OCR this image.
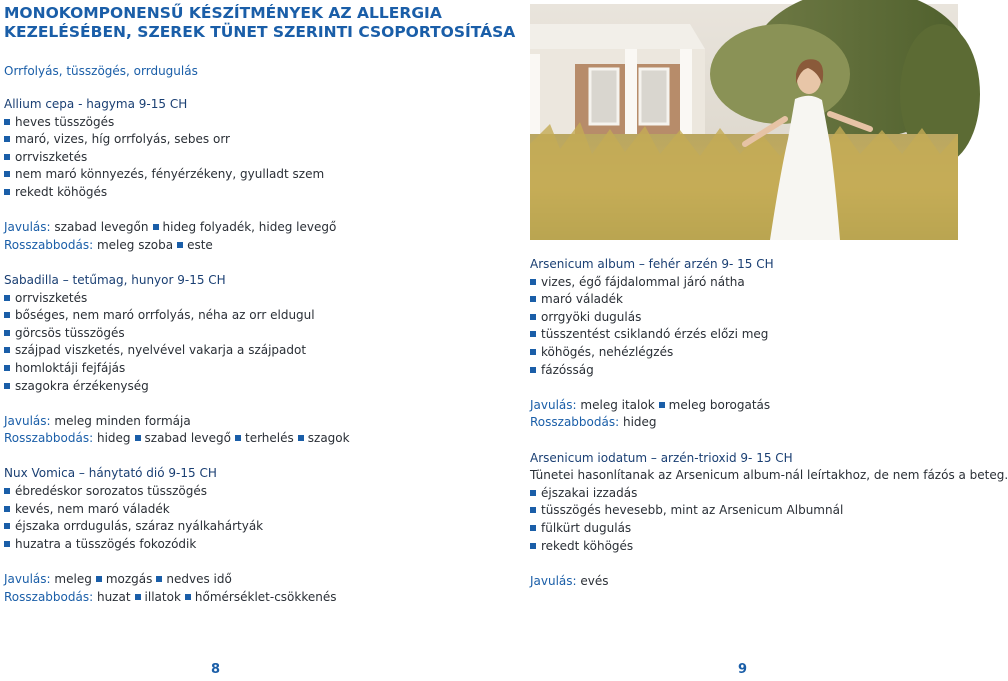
MONOKOMPONENSŰ KÉSZÍTMÉNYEK AZ ALLERGIA
KEZELÉSÉBEN, SZEREK TÜNET SZERINTI CSOPORTOSÍTÁSA
Orrfolyás, tüsszögés, orrdugulás
Allium cepa - hagyma 9-15 CH
heves tüsszögés
maró, vizes, híg orrfolyás, sebes orr
orrviszketés
nem maró könnyezés, fényérzékeny, gyulladt szem
rekedt köhögés
Javulás: szabad levegőn hideg folyadék, hideg levegő
Rosszabbodás: meleg szoba este
Sabadilla – tetűmag, hunyor 9-15 CH
orrviszketés
bőséges, nem maró orrfolyás, néha az orr eldugul
görcsös tüsszögés
szájpad viszketés, nyelvével vakarja a szájpadot
homloktáji fejfájás
szagokra érzékenység
Javulás: meleg minden formája
Rosszabbodás: hideg szabad levegő terhelés szagok
Nux Vomica – hánytató dió 9-15 CH
ébredéskor sorozatos tüsszögés
kevés, nem maró váladék
éjszaka orrdugulás, száraz nyálkahártyák
huzatra a tüsszögés fokozódik
Javulás: meleg mozgás nedves idő
Rosszabbodás: huzat illatok hőmérséklet-csökkenés
Arsenicum album – fehér arzén 9- 15 CH
vizes, égő fájdalommal járó nátha
maró váladék
orrgyöki dugulás
tüsszentést csiklandó érzés előzi meg
köhögés, nehézlégzés
fázósság
Javulás: meleg italok meleg borogatás
Rosszabbodás: hideg
Arsenicum iodatum – arzén-trioxid 9- 15 CH
Tünetei hasonlítanak az Arsenicum album-nál leírtakhoz, de nem fázós a beteg.
éjszakai izzadás
tüsszögés hevesebb, mint az Arsenicum Albumnál
fülkürt dugulás
rekedt köhögés
Javulás: evés
8	9
